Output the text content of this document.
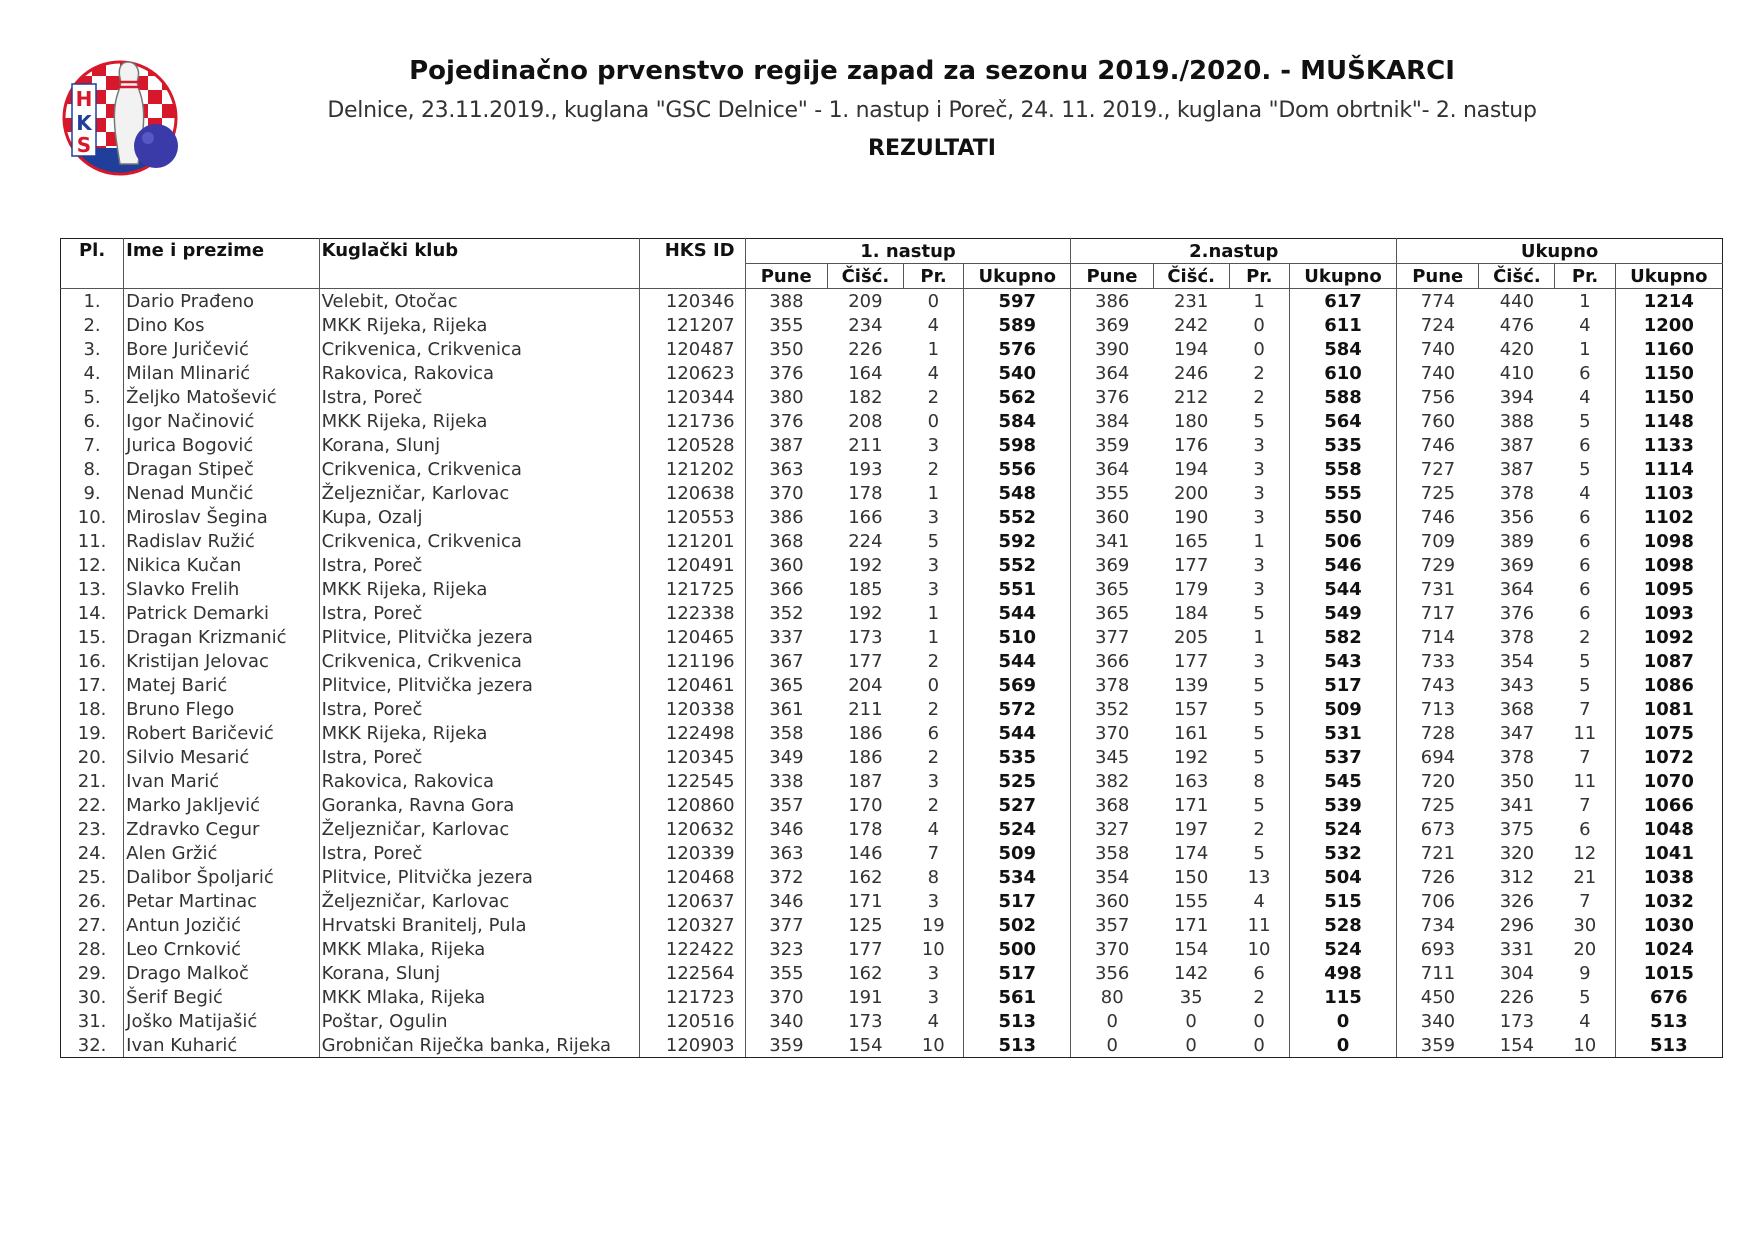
H
K
S
Pojedinačno prvenstvo regije zapad za sezonu 2019./2020. - MUŠKARCI
Delnice, 23.11.2019., kuglana "GSC Delnice" - 1. nastup i Poreč, 24. 11. 2019., kuglana "Dom obrtnik"- 2. nastup
REZULTATI
Pl.	Ime i prezime	Kuglački klub	HKS ID	1. nastup				2.nastup				Ukupno			
				Pune	Čišć.	Pr.	Ukupno	Pune	Čišć.	Pr.	Ukupno	Pune	Čišć.	Pr.	Ukupno
1.	Dario Prađeno	Velebit, Otočac	120346	388	209	0	597	386	231	1	617	774	440	1	1214
2.	Dino Kos	MKK Rijeka, Rijeka	121207	355	234	4	589	369	242	0	611	724	476	4	1200
3.	Bore Juričević	Crikvenica, Crikvenica	120487	350	226	1	576	390	194	0	584	740	420	1	1160
4.	Milan Mlinarić	Rakovica, Rakovica	120623	376	164	4	540	364	246	2	610	740	410	6	1150
5.	Željko Matošević	Istra, Poreč	120344	380	182	2	562	376	212	2	588	756	394	4	1150
6.	Igor Načinović	MKK Rijeka, Rijeka	121736	376	208	0	584	384	180	5	564	760	388	5	1148
7.	Jurica Bogović	Korana, Slunj	120528	387	211	3	598	359	176	3	535	746	387	6	1133
8.	Dragan Stipeč	Crikvenica, Crikvenica	121202	363	193	2	556	364	194	3	558	727	387	5	1114
9.	Nenad Munčić	Željezničar, Karlovac	120638	370	178	1	548	355	200	3	555	725	378	4	1103
10.	Miroslav Šegina	Kupa, Ozalj	120553	386	166	3	552	360	190	3	550	746	356	6	1102
11.	Radislav Ružić	Crikvenica, Crikvenica	121201	368	224	5	592	341	165	1	506	709	389	6	1098
12.	Nikica Kučan	Istra, Poreč	120491	360	192	3	552	369	177	3	546	729	369	6	1098
13.	Slavko Frelih	MKK Rijeka, Rijeka	121725	366	185	3	551	365	179	3	544	731	364	6	1095
14.	Patrick Demarki	Istra, Poreč	122338	352	192	1	544	365	184	5	549	717	376	6	1093
15.	Dragan Krizmanić	Plitvice, Plitvička jezera	120465	337	173	1	510	377	205	1	582	714	378	2	1092
16.	Kristijan Jelovac	Crikvenica, Crikvenica	121196	367	177	2	544	366	177	3	543	733	354	5	1087
17.	Matej Barić	Plitvice, Plitvička jezera	120461	365	204	0	569	378	139	5	517	743	343	5	1086
18.	Bruno Flego	Istra, Poreč	120338	361	211	2	572	352	157	5	509	713	368	7	1081
19.	Robert Baričević	MKK Rijeka, Rijeka	122498	358	186	6	544	370	161	5	531	728	347	11	1075
20.	Silvio Mesarić	Istra, Poreč	120345	349	186	2	535	345	192	5	537	694	378	7	1072
21.	Ivan Marić	Rakovica, Rakovica	122545	338	187	3	525	382	163	8	545	720	350	11	1070
22.	Marko Jakljević	Goranka, Ravna Gora	120860	357	170	2	527	368	171	5	539	725	341	7	1066
23.	Zdravko Cegur	Željezničar, Karlovac	120632	346	178	4	524	327	197	2	524	673	375	6	1048
24.	Alen Gržić	Istra, Poreč	120339	363	146	7	509	358	174	5	532	721	320	12	1041
25.	Dalibor Špoljarić	Plitvice, Plitvička jezera	120468	372	162	8	534	354	150	13	504	726	312	21	1038
26.	Petar Martinac	Željezničar, Karlovac	120637	346	171	3	517	360	155	4	515	706	326	7	1032
27.	Antun Jozičić	Hrvatski Branitelj, Pula	120327	377	125	19	502	357	171	11	528	734	296	30	1030
28.	Leo Crnković	MKK Mlaka, Rijeka	122422	323	177	10	500	370	154	10	524	693	331	20	1024
29.	Drago Malkoč	Korana, Slunj	122564	355	162	3	517	356	142	6	498	711	304	9	1015
30.	Šerif Begić	MKK Mlaka, Rijeka	121723	370	191	3	561	80	35	2	115	450	226	5	676
31.	Joško Matijašić	Poštar, Ogulin	120516	340	173	4	513	0	0	0	0	340	173	4	513
32.	Ivan Kuharić	Grobničan Riječka banka, Rijeka	120903	359	154	10	513	0	0	0	0	359	154	10	513
